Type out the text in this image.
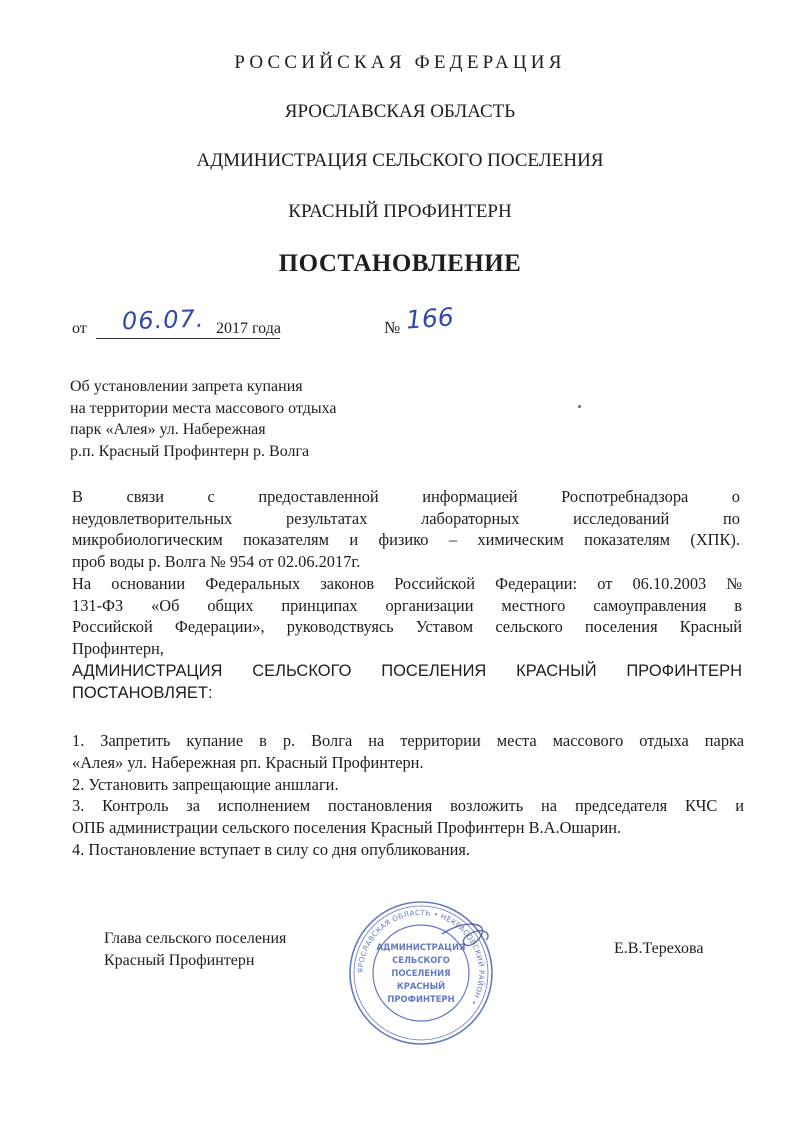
РОССИЙСКАЯ ФЕДЕРАЦИЯ
ЯРОСЛАВСКАЯ ОБЛАСТЬ
АДМИНИСТРАЦИЯ СЕЛЬСКОГО ПОСЕЛЕНИЯ
КРАСНЫЙ ПРОФИНТЕРН
ПОСТАНОВЛЕНИЕ
от 06.07. 2017 года	№ 166
Об установлении запрета купания
на территории места массового отдыха
парк «Алея» ул. Набережная
р.п. Красный Профинтерн р. Волга
В связи с предоставленной информацией Роспотребнадзора о
неудовлетворительных результатах лабораторных исследований по
микробиологическим показателям и физико – химическим показателям (ХПК).
проб воды р. Волга № 954 от 02.06.2017г.
На основании Федеральных законов Российской Федерации: от 06.10.2003 №
131-ФЗ «Об общих принципах организации местного самоуправления в
Российской Федерации», руководствуясь Уставом сельского поселения Красный
Профинтерн,
АДМИНИСТРАЦИЯ СЕЛЬСКОГО ПОСЕЛЕНИЯ КРАСНЫЙ ПРОФИНТЕРН
ПОСТАНОВЛЯЕТ:
1. Запретить купание в р. Волга на территории места массового отдыха парка
«Алея» ул. Набережная рп. Красный Профинтерн.
2. Установить запрещающие аншлаги.
3. Контроль за исполнением постановления возложить на председателя КЧС и
ОПБ администрации сельского поселения Красный Профинтерн В.А.Ошарин.
4. Постановление вступает в силу со дня опубликования.
Глава сельского поселения
Красный Профинтерн
Е.В.Терехова
ЯРОСЛАВСКАЯ ОБЛАСТЬ • НЕКРАСОВСКИЙ РАЙОН •
АДМИНИСТРАЦИЯ
СЕЛЬСКОГО
ПОСЕЛЕНИЯ
КРАСНЫЙ
ПРОФИНТЕРН
